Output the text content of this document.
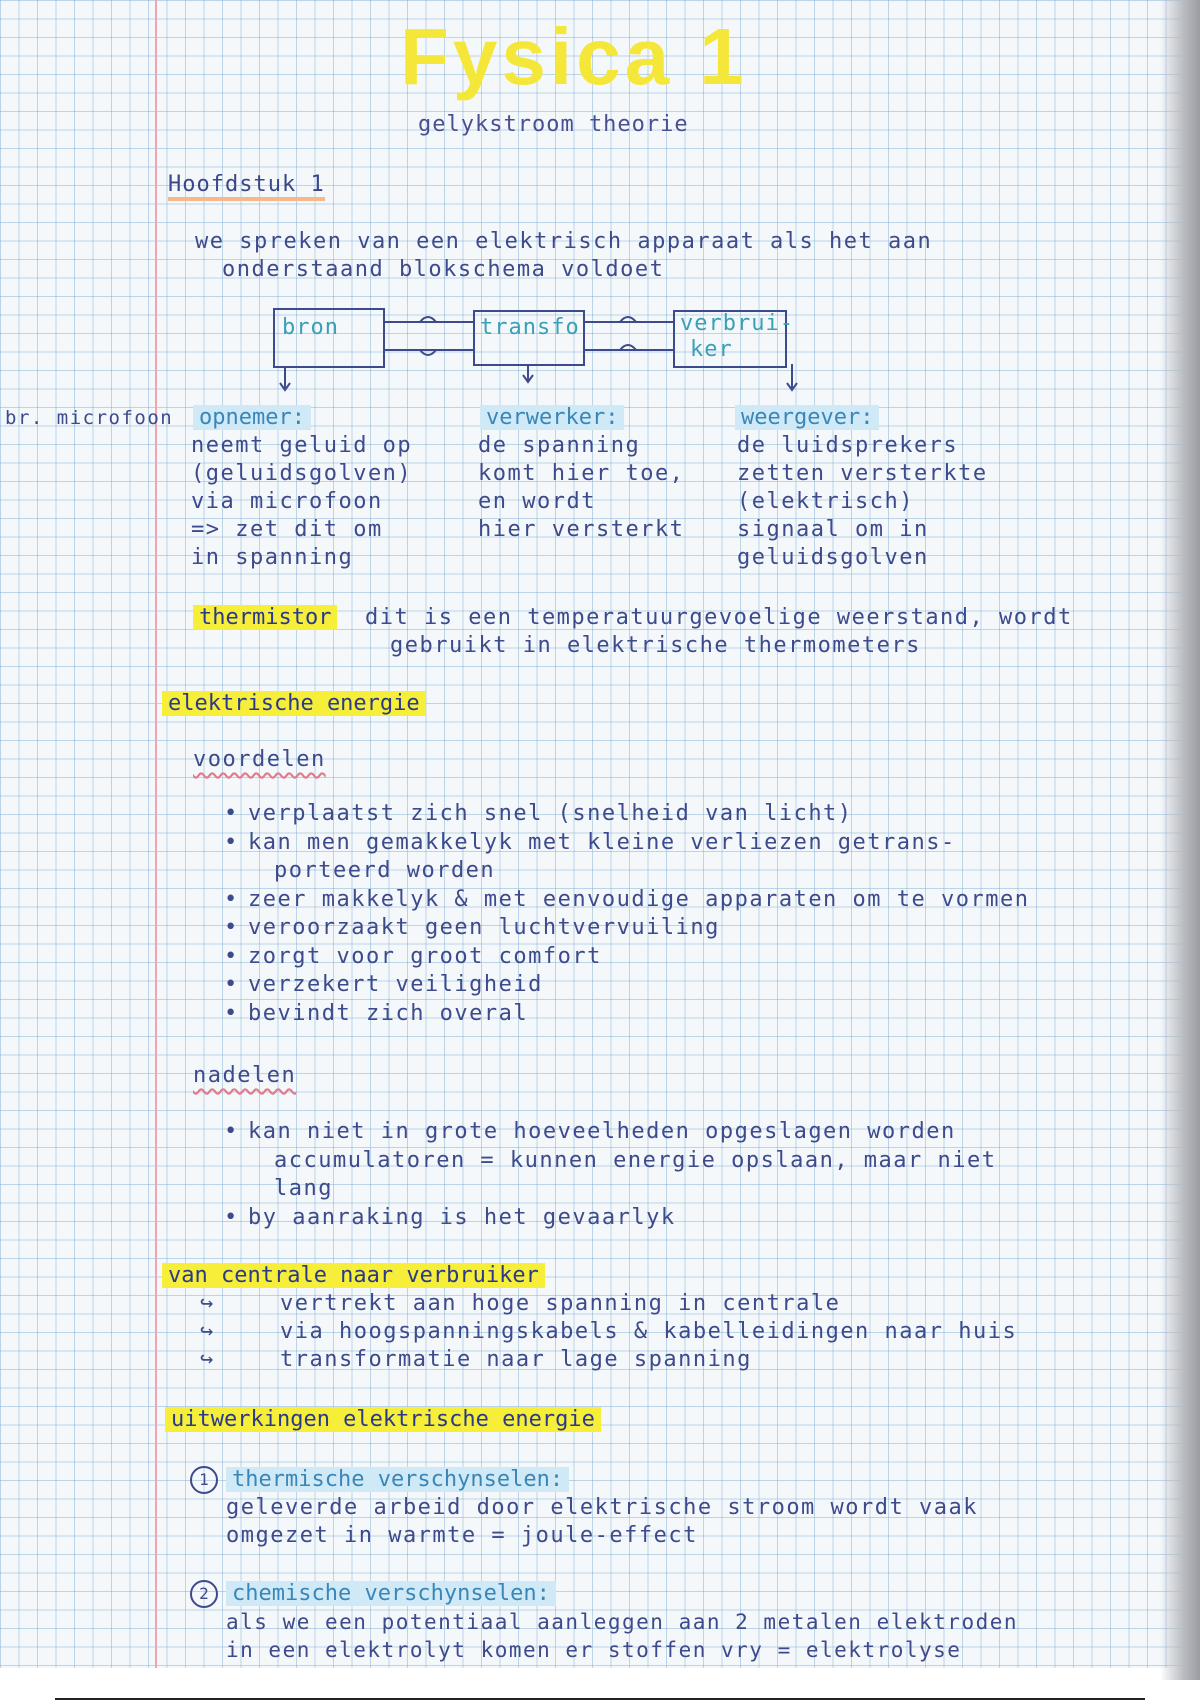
Fysica 1
gelykstroom theorie
Hoofdstuk 1
we spreken van een elektrisch apparaat als het aan
onderstaand blokschema voldoet
bron	transfo	verbrui-
ker
br. microfoon opnemer:
neemt geluid op
(geluidsgolven)
via microfoon
=> zet dit om
in spanning
verwerker:
de spanning
komt hier toe,
en wordt
hier versterkt
weergever:
de luidsprekers
zetten versterkte
(elektrisch)
signaal om in
geluidsgolven
thermistor dit is een temperatuurgevoelige weerstand, wordt
gebruikt in elektrische thermometers
elektrische energie
voordelen
• verplaatst zich snel (snelheid van licht)
• kan men gemakkelyk met kleine verliezen getrans-
porteerd worden
• zeer makkelyk & met eenvoudige apparaten om te vormen
• veroorzaakt geen luchtvervuiling
• zorgt voor groot comfort
• verzekert veiligheid
• bevindt zich overal
nadelen
• kan niet in grote hoeveelheden opgeslagen worden
accumulatoren = kunnen energie opslaan, maar niet
lang
• by aanraking is het gevaarlyk
van centrale naar verbruiker
↪	vertrekt aan hoge spanning in centrale
↪	via hoogspanningskabels & kabelleidingen naar huis
↪	transformatie naar lage spanning
uitwerkingen elektrische energie
1	thermische verschynselen:
geleverde arbeid door elektrische stroom wordt vaak
omgezet in warmte = joule-effect
2	chemische verschynselen:
als we een potentiaal aanleggen aan 2 metalen elektroden
in een elektrolyt komen er stoffen vry = elektrolyse
